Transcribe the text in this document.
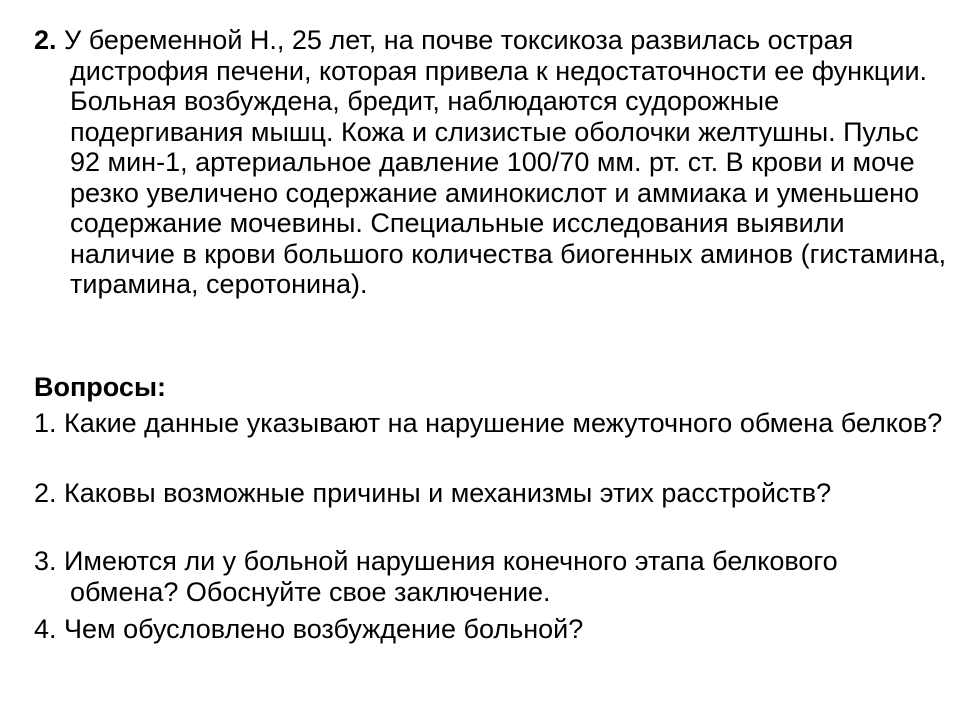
2. У беременной Н., 25 лет, на почве токсикоза развилась острая дистрофия печени, которая привела к недостаточности ее функции. Больная возбуждена, бредит, наблюдаются судорожные подергивания мышц. Кожа и слизистые оболочки желтушны. Пульс 92 мин-1, артериальное давление 100/70 мм. рт. ст. В крови и моче резко увеличено содержание аминокислот и аммиака и уменьшено содержание мочевины. Специальные исследования выявили наличие в крови большого количества биогенных аминов (гистамина, тирамина, серотонина).
Вопросы:
1. Какие данные указывают на нарушение межуточного обмена белков?
2. Каковы возможные причины и механизмы этих расстройств?
3. Имеются ли у больной нарушения конечного этапа белкового обмена? Обоснуйте свое заключение.
4. Чем обусловлено возбуждение больной?
